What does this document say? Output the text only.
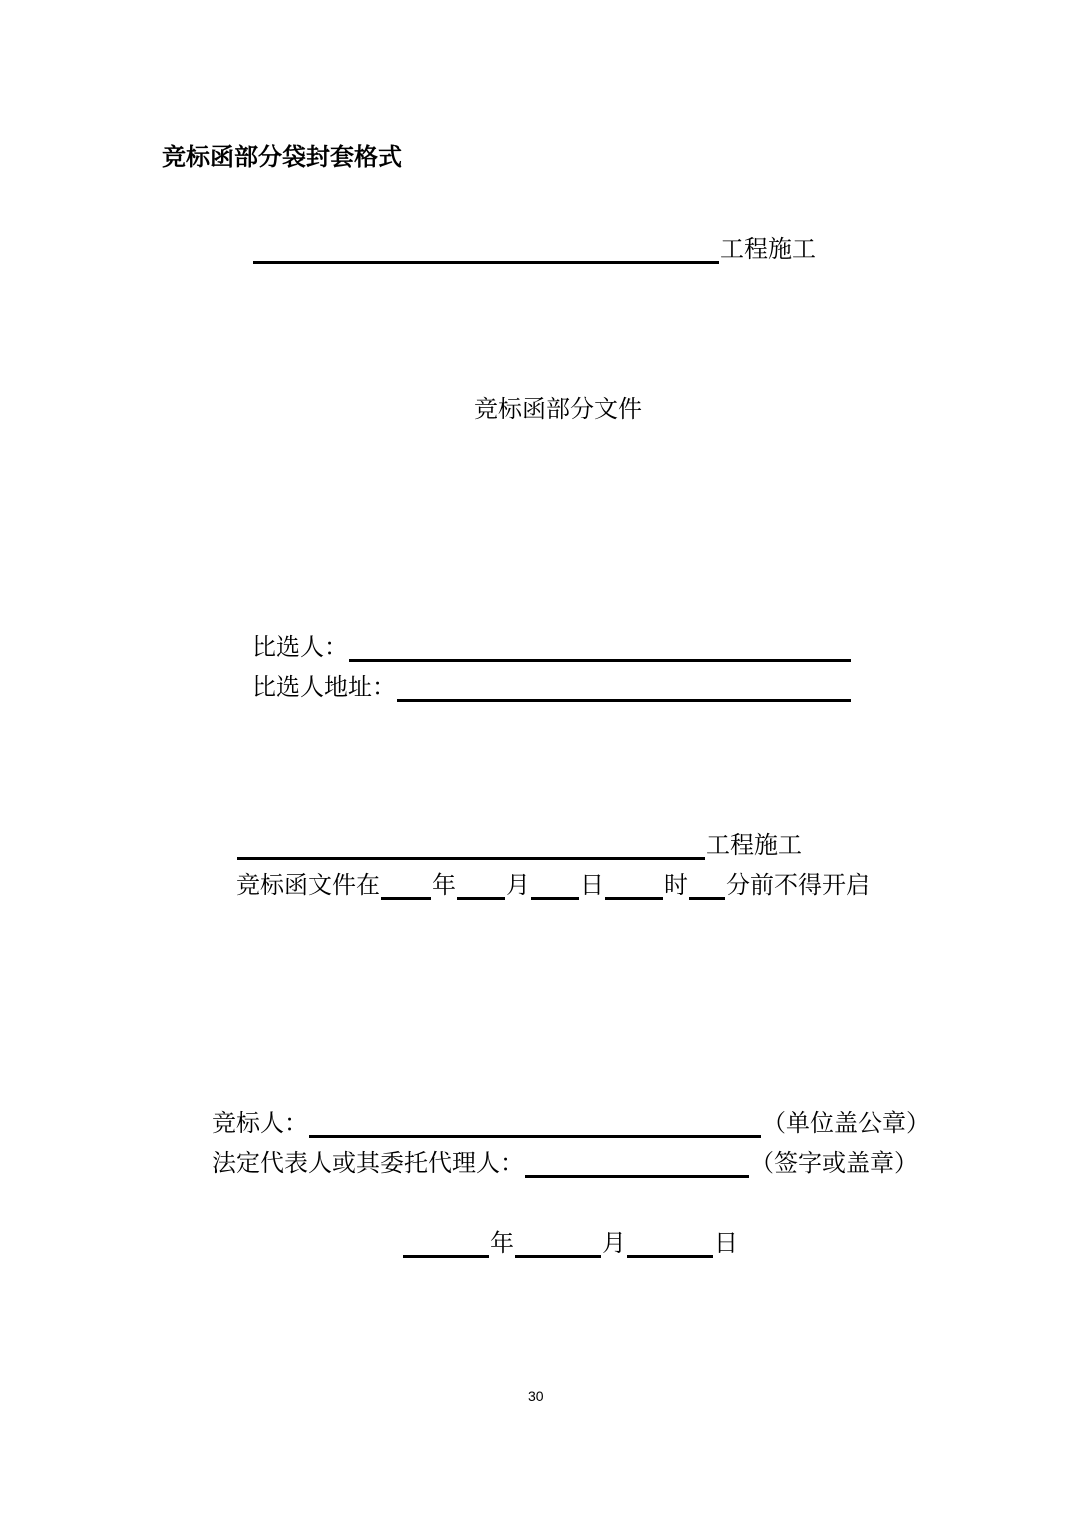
竞标函部分袋封套格式
工程施工
竞标函部分文件
比选人：
比选人地址：
工程施工
竞标函文件在 年 月 日	时 分前不得开启
竞标人：	（单位盖公章）
法定代表人或其委托代理人：	（签字或盖章）
年	月	日
30
